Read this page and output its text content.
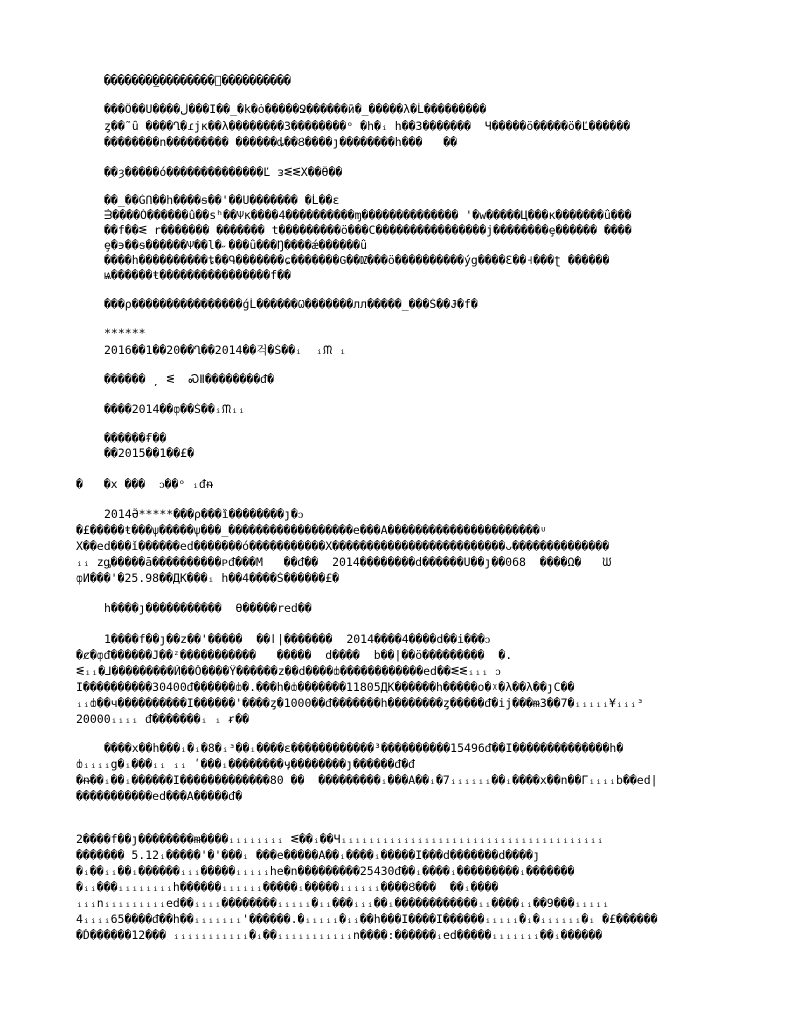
��������֤��������ͬ����������
���Ӧ��U����ڵ���I��_�k�ȯ�����Ջ������ӣ�_�����λ�Ĺ���������
ȥ��˜ȗ ����Ղ�ɾjĸ��λ��������3��������ᵒ �h�ᵢ h��3�������  Ч�����ӧ�����ӧ�Ľ������
᩿��������n��������� ������ȡ��Ȣ����ȷ��������h���   ��
��ȝ�����ó��������������Ľ ᴈᓬᓬX��Ӫ��
��_��ǴՈ��h����ᵴ��'��U������� �Ĺ��ԑ
ᣮ����Ǒ������û��sʰ��Ѱĸ����4����������ɱ�������������� '�w�����Ц���к�������ǘ���
��f��ᓬ r������� ������� t���������ö���С����������������j��������ȩ������ ����
ȩ�϶��ᵴ������Ѱ��l�˶���ǜ���Ŋ����ǽ������ǜ
����h����������ȶ��Գ�������ɕ�������Ԍ��Ǳ���ö����������ýg����Ɛ��˧���ʈ ������
ѩ������ŧ����������������f��
���ρ����������������ǵĹ������Ѡ�������лл�����_���Ś��Ɉ�f�
******
2016��1��20��Ղ��2014��걱�Ś��ᵢ  ᵢᙏ ᵢ
������ ̦  ᓬ  ᏍⅡ��������ᵭ�
����2014��ȹ��Ś��ᵢᙏᵢᵢ
������ᵮ��
��2015��1��£�
�   �x ���  ᦱ��ᵒ ᵢᵭᵰ
2014Ӛ*****���ρ���ȉ��������ȷ�ᦱ
�£�����ŧ���ѱ�����ѱ���_������������������e���A����������������������ᶸ
X��ed���ǐ������ed�������ó�����������X�������������������������ᴗ��������������
ᵢᵢ zᶃ�����ā����������ᴩᵭ���M   ��ᵭ��  2014��������d������U��ȷ��068  ����Ω�   ᙎ
ȹИ���'�25.98��ДК���ᵢ h��4����Š������£�
h����ȷ�����������  Ѳ�����reԁ��
1����f��ȷ��z��'�����  ��ӏ|�������  2014����4����d��i���ᦱ
�ȼ�ȹᵭ������J��ᶻ�����������   �����  d����  b��|��ö���������  �.
ᓬᵢᵢ�⅃���������Й��Ŏ����Ϋ������z��d����ȸ������������ed��ᓬᓬᵢᵢᵢ ᦱ
I����������30400ᵭ������ȸ�.���h�ȸ�������11805ДК������h�����o�ᵡ�λ��λ��ȷC��
ᵢᵢȸ��ч����������I������'����ȥ�1000��ᵭ�������h��������ȥ�����ᵭ�ij���ᵯ3��7�ᵢᵢᵢᵢᵢ¥ᵢᵢᵢᶟ
20000ᵢᵢᵢᵢ ᵭ�������ᵢ ᵢ ᵲ��
����x��h���ᵢ�ᵢ�8�ᵢᶟ��ᵢ����ԑ������������³����������15496ᵭ��I��������������h�
ȸᵢᵢᵢᵢg�ᵢ���ᵢᵢ ᵢᵢ ʹ���ᵢ��������ӌ��������ȷ������ᵭ�ᵭ
�ᵰ��ᵢ��ᵢ������I�������������80 ��  ���������ᵢ���A��ᵢ�7ᵢᵢᵢᵢᵢᵢ��ᵢ����x��n��Гᵢᵢᵢᵢb��ed|
�����������ed���А�����ᵭ�
2����f��ȷ��������ᵯ����ᵢᵢᵢᵢᵢᵢᵢᵢ ᓬ��ᵢ��Чᵢᵢᵢᵢᵢᵢᵢᵢᵢᵢᵢᵢᵢᵢᵢᵢᵢᵢᵢᵢᵢᵢᵢᵢᵢᵢᵢᵢᵢᵢᵢᵢᵢᵢᵢᵢᵢᵢ
������� 5.12ᵢ�����'�'���ᵢ ���e�����A��ᵢ����ᵢ�����I���d�������d����ȷ
�ᵢ��ᵢᵢ��ᵢ������ᵢᵢᵢ�����ᵢᵢᵢᵢᵢhe�n���������25430ᵭ��ᵢ����ᵢ���������ᵢ�������
�ᵢᵢ���ᵢᵢᵢᵢᵢᵢᵢᵢh������ᵢᵢᵢᵢᵢᵢ�����ᵢ�����ᵢᵢᵢᵢᵢᵢ����Ȣ���  ��ᵢ����
ᵢᵢᵢnᵢᵢᵢᵢᵢᵢᵢᵢᵢed��ᵢᵢᵢᵢ��������ᵢᵢᵢᵢᵢ�ᵢᵢ���ᵢᵢᵢ��ᵢ������������ᵢᵢ����ᵢᵢ��9���ᵢᵢᵢᵢᵢ
4ᵢᵢᵢᵢ65����ᵭ��h��ᵢᵢᵢᵢᵢᵢᵢ'������.�ᵢᵢᵢᵢᵢ�ᵢᵢ��h���I����I������ᵢᵢᵢᵢᵢ�ᵢ�ᵢᵢᵢᵢᵢᵢ�ᵢ �£������
�Ď������12��� ᵢᵢᵢᵢᵢᵢᵢᵢᵢᵢᵢ�ᵢ��ᵢᵢᵢᵢᵢᵢᵢᵢᵢᵢᵢn����:������ᵢed�����ᵢᵢᵢᵢᵢᵢᵢ��ᵢ������
